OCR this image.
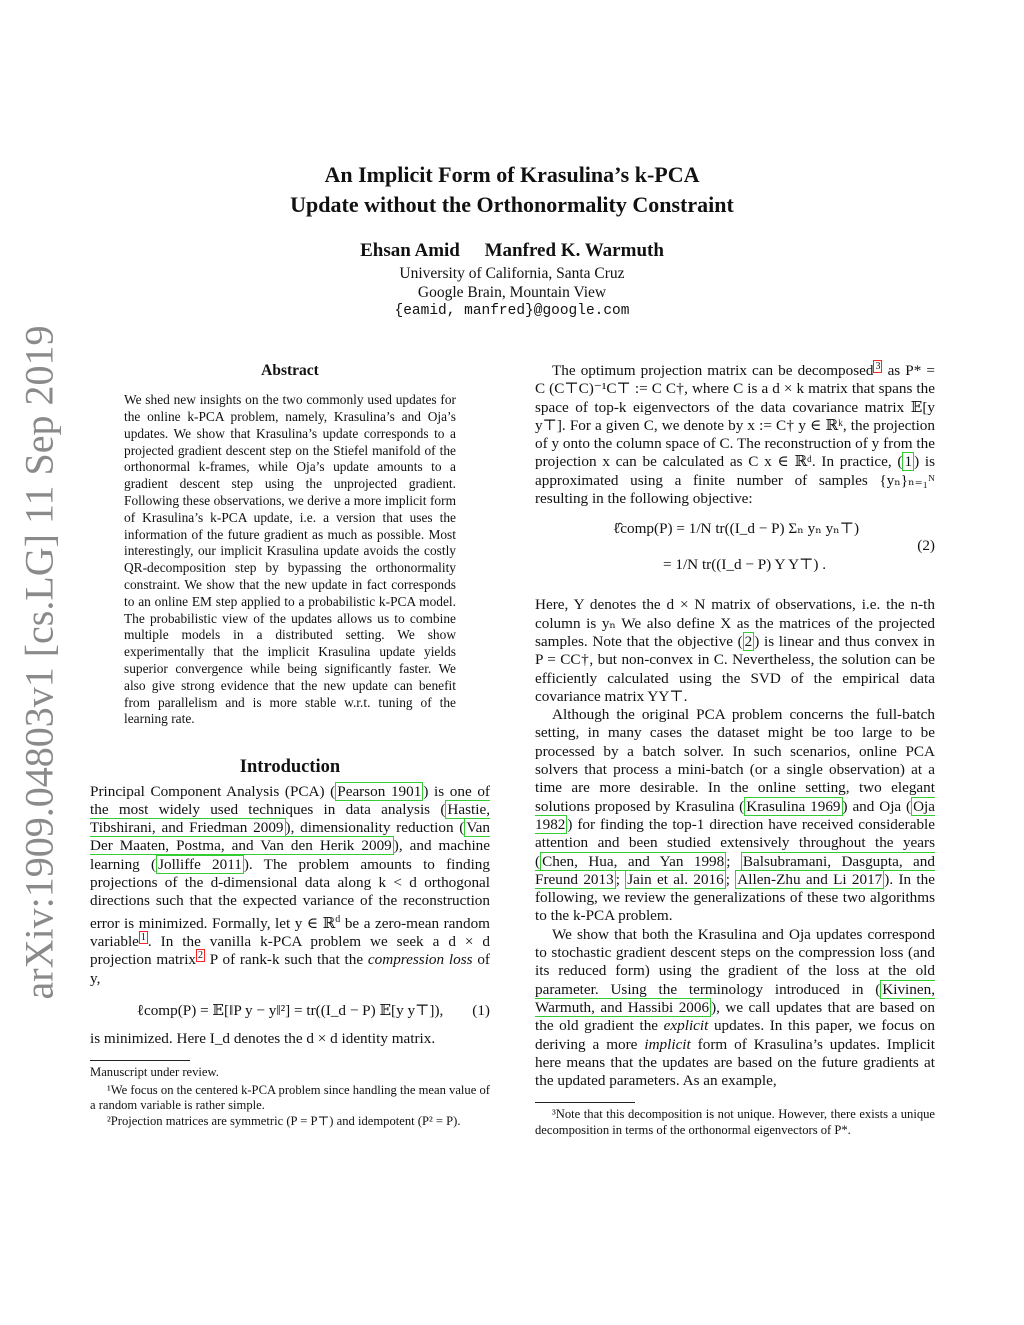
arXiv:1909.04803v1 [cs.LG] 11 Sep 2019
An Implicit Form of Krasulina’s k-PCA
Update without the Orthonormality Constraint
Ehsan Amid Manfred K. Warmuth
University of California, Santa Cruz
Google Brain, Mountain View
{eamid, manfred}@google.com
Abstract

We shed new insights on the two commonly used updates for the online k-PCA problem, namely, Krasulina’s and Oja’s updates. We show that Krasulina’s update corresponds to a projected gradient descent step on the Stiefel manifold of the orthonormal k-frames, while Oja’s update amounts to a gradient descent step using the unprojected gradient. Following these observations, we derive a more implicit form of Krasulina’s k-PCA update, i.e. a version that uses the information of the future gradient as much as possible. Most interestingly, our implicit Krasulina update avoids the costly QR-decomposition step by bypassing the orthonormality constraint. We show that the new update in fact corresponds to an online EM step applied to a probabilistic k-PCA model. The probabilistic view of the updates allows us to combine multiple models in a distributed setting. We show experimentally that the implicit Krasulina update yields superior convergence while being significantly faster. We also give strong evidence that the new update can benefit from parallelism and is more stable w.r.t. tuning of the learning rate.

Introduction

Principal Component Analysis (PCA) ( Pearson 1901 ) is one of the most widely used techniques in data analysis ( Hastie, Tibshirani, and Friedman 2009 ), dimensionality reduction ( Van Der Maaten, Postma, and Van den Herik 2009 ), and machine learning ( Jolliffe 2011 ). The problem amounts to finding projections of the d-dimensional data along k < d orthogonal directions such that the expected variance of the reconstruction error is minimized. Formally, let y ∈ ℝ$^d$ be a zero-mean random variable $^1$ . In the vanilla k-PCA problem we seek a d × d projection matrix $^2$ P of rank-k such that the compression loss of y,

ℓcomp(P) = 𝔼[‖P y − y‖²] = tr((I_d − P) 𝔼[y y⊤]), (1)

is minimized. Here I_d denotes the d × d identity matrix.

Manuscript under review.

¹We focus on the centered k-PCA problem since handling the mean value of a random variable is rather simple.

²Projection matrices are symmetric (P = P⊤) and idempotent (P² = P).

The optimum projection matrix can be decomposed $^3$ as P* = C (C⊤C)⁻¹C⊤ := C C†, where C is a d × k matrix that spans the space of top-k eigenvectors of the data covariance matrix 𝔼[y y⊤]. For a given C, we denote by x := C† y ∈ ℝᵏ, the projection of y onto the column space of C. The reconstruction of y from the projection x can be calculated as C x ∈ ℝᵈ. In practice, ( 1 ) is approximated using a finite number of samples {yₙ}ₙ₌₁ᴺ resulting in the following objective:

ℓ̂comp(P) = 1/N tr((I_d − P) Σₙ yₙ yₙ⊤)
= 1/N tr((I_d − P) Y Y⊤) .
(2)

Here, Y denotes the d × N matrix of observations, i.e. the n-th column is yₙ We also define X as the matrices of the projected samples. Note that the objective ( 2 ) is linear and thus convex in P = CC†, but non-convex in C. Nevertheless, the solution can be efficiently calculated using the SVD of the empirical data covariance matrix YY⊤.

Although the original PCA problem concerns the full-batch setting, in many cases the dataset might be too large to be processed by a batch solver. In such scenarios, online PCA solvers that process a mini-batch (or a single observation) at a time are more desirable. In the online setting, two elegant solutions proposed by Krasulina ( Krasulina 1969 ) and Oja ( Oja 1982 ) for finding the top-1 direction have received considerable attention and been studied extensively throughout the years ( Chen, Hua, and Yan 1998 ; Balsubramani, Dasgupta, and Freund 2013 ; Jain et al. 2016 ; Allen-Zhu and Li 2017 ). In the following, we review the generalizations of these two algorithms to the k-PCA problem.

We show that both the Krasulina and Oja updates correspond to stochastic gradient descent steps on the compression loss (and its reduced form) using the gradient of the loss at the old parameter. Using the terminology introduced in ( Kivinen, Warmuth, and Hassibi 2006 ), we call updates that are based on the old gradient the explicit updates. In this paper, we focus on deriving a more implicit form of Krasulina’s updates. Implicit here means that the updates are based on the future gradients at the updated parameters. As an example,

³Note that this decomposition is not unique. However, there exists a unique decomposition in terms of the orthonormal eigenvectors of P*.
